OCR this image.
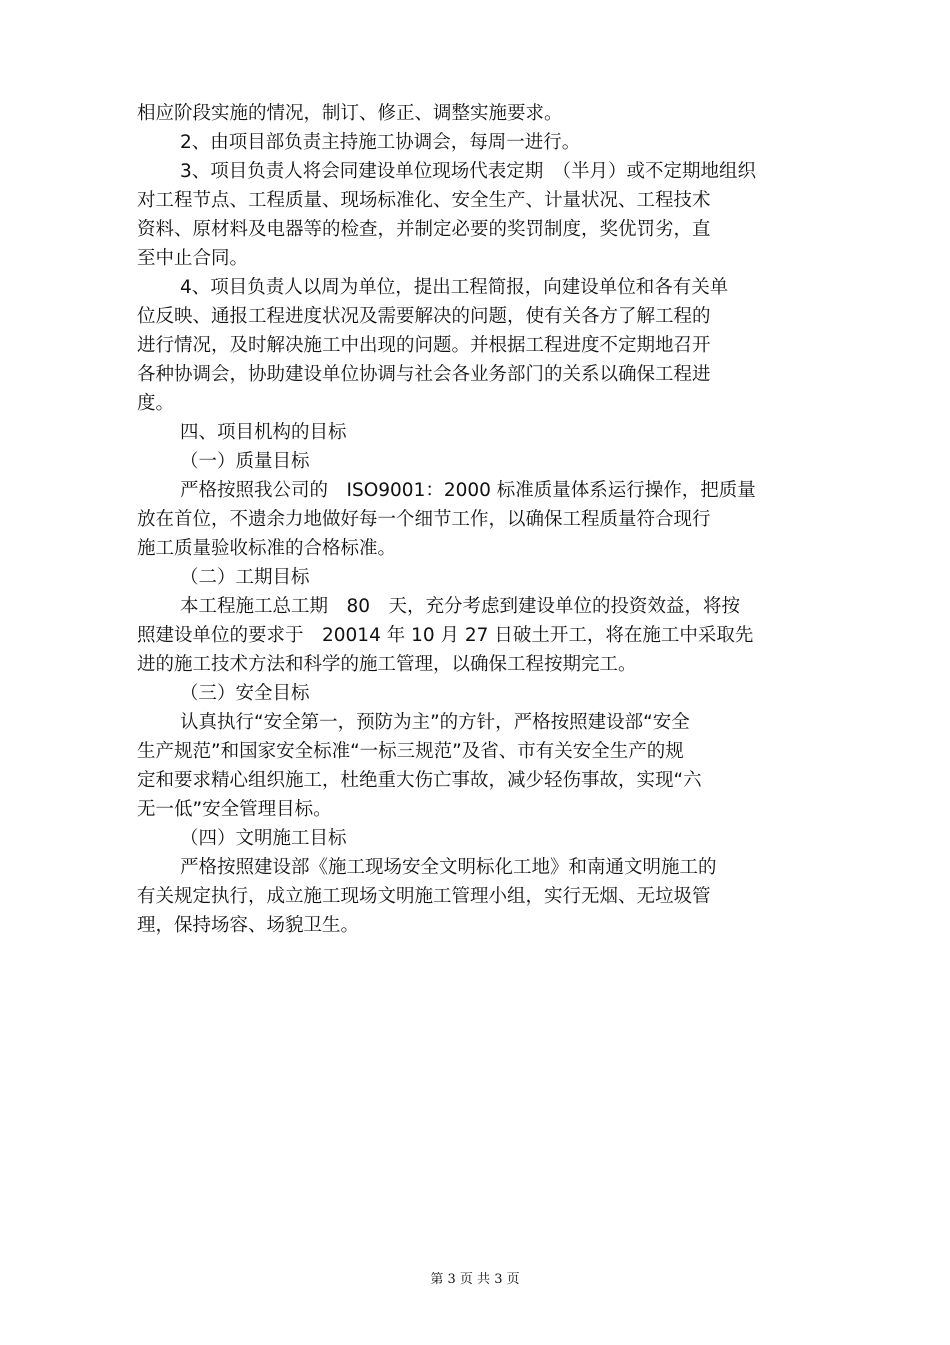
相应阶段实施的情况，制订、修正、调整实施要求。
2、由项目部负责主持施工协调会，每周一进行。
3、项目负责人将会同建设单位现场代表定期　（半月）或不定期地组织
对工程节点、工程质量、现场标准化、安全生产、计量状况、工程技术
资料、原材料及电器等的检查，并制定必要的奖罚制度，奖优罚劣，直
至中止合同。
4、项目负责人以周为单位，提出工程简报，向建设单位和各有关单
位反映、通报工程进度状况及需要解决的问题，使有关各方了解工程的
进行情况，及时解决施工中出现的问题。并根据工程进度不定期地召开
各种协调会，协助建设单位协调与社会各业务部门的关系以确保工程进
度。
四、项目机构的目标
（一）质量目标
严格按照我公司的　ISO9001：2000 标准质量体系运行操作，把质量
放在首位，不遗余力地做好每一个细节工作，以确保工程质量符合现行
施工质量验收标准的合格标准。
（二）工期目标
本工程施工总工期　80　天，充分考虑到建设单位的投资效益，将按
照建设单位的要求于　20014 年 10 月 27 日破土开工，将在施工中采取先
进的施工技术方法和科学的施工管理，以确保工程按期完工。
（三）安全目标
认真执行“安全第一，预防为主”的方针，严格按照建设部“安全
生产规范”和国家安全标准“一标三规范”及省、市有关安全生产的规
定和要求精心组织施工，杜绝重大伤亡事故，减少轻伤事故，实现“六
无一低”安全管理目标。
（四）文明施工目标
严格按照建设部《施工现场安全文明标化工地》和南通文明施工的
有关规定执行，成立施工现场文明施工管理小组，实行无烟、无垃圾管
理，保持场容、场貌卫生。
第 3 页 共 3 页
